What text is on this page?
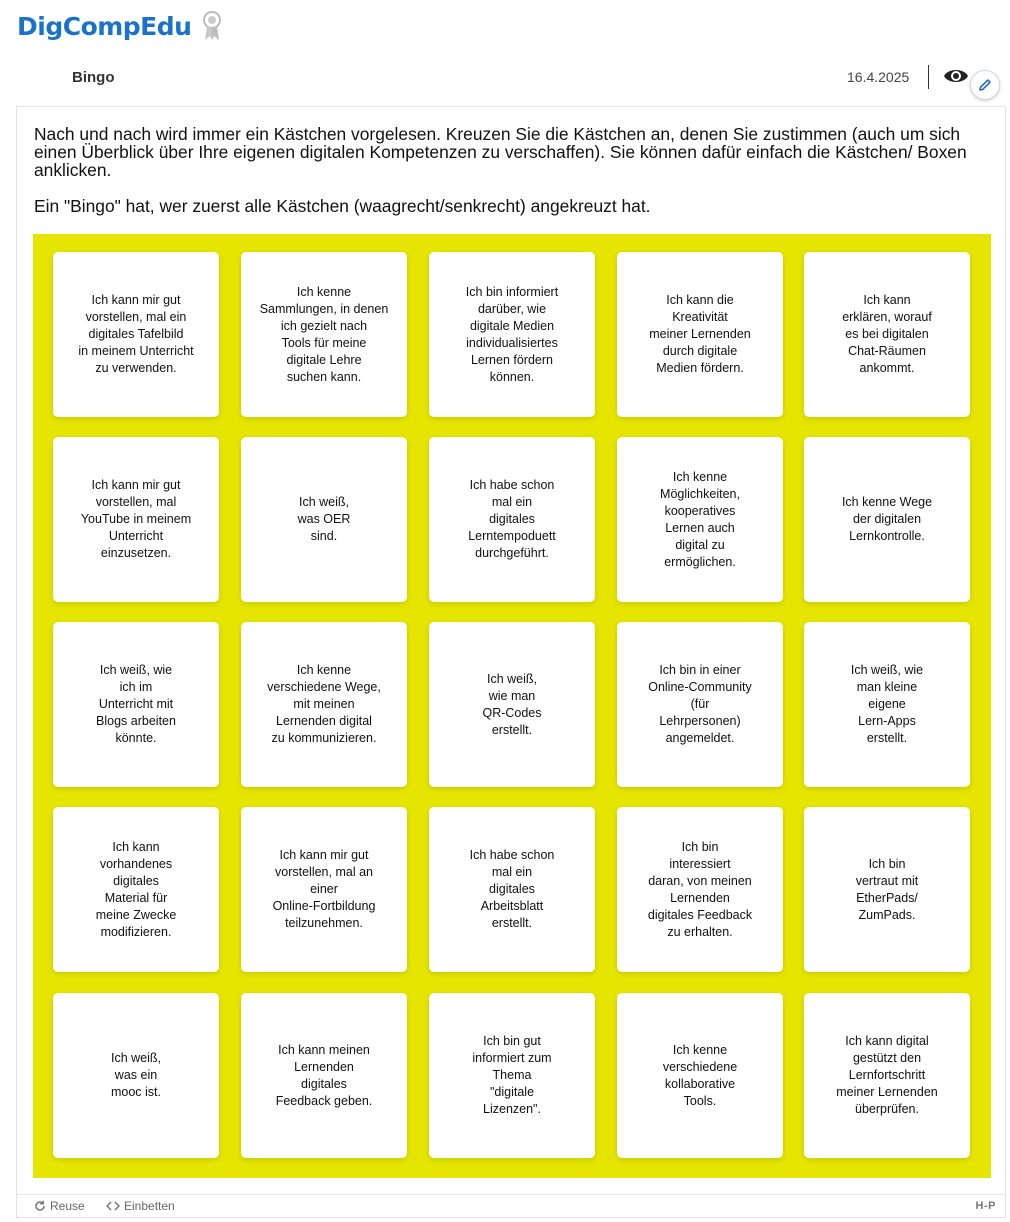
DigCompEdu
Bingo	16.4.2025

Nach und nach wird immer ein Kästchen vorgelesen. Kreuzen Sie die Kästchen an, denen Sie zustimmen (auch um sich einen Überblick über Ihre eigenen digitalen Kompetenzen zu verschaffen). Sie können dafür einfach die Kästchen/ Boxen anklicken.

Ein "Bingo" hat, wer zuerst alle Kästchen (waagrecht/senkrecht) angekreuzt hat.

Ich kann mir gut
vorstellen, mal ein
digitales Tafelbild
in meinem Unterricht
zu verwenden.
Ich kenne
Sammlungen, in denen
ich gezielt nach
Tools für meine
digitale Lehre
suchen kann.
Ich bin informiert
darüber, wie
digitale Medien
individualisiertes
Lernen fördern
können.
Ich kann die
Kreativität
meiner Lernenden
durch digitale
Medien fördern.
Ich kann
erklären, worauf
es bei digitalen
Chat-Räumen
ankommt.
Ich kann mir gut
vorstellen, mal
YouTube in meinem
Unterricht
einzusetzen.
Ich weiß,
was OER
sind.
Ich habe schon
mal ein
digitales
Lerntempoduett
durchgeführt.
Ich kenne
Möglichkeiten,
kooperatives
Lernen auch
digital zu
ermöglichen.
Ich kenne Wege
der digitalen
Lernkontrolle.
Ich weiß, wie
ich im
Unterricht mit
Blogs arbeiten
könnte.
Ich kenne
verschiedene Wege,
mit meinen
Lernenden digital
zu kommunizieren.
Ich weiß,
wie man
QR-Codes
erstellt.
Ich bin in einer
Online-Community
(für
Lehrpersonen)
angemeldet.
Ich weiß, wie
man kleine
eigene
Lern-Apps
erstellt.
Ich kann
vorhandenes
digitales
Material für
meine Zwecke
modifizieren.
Ich kann mir gut
vorstellen, mal an
einer
Online-Fortbildung
teilzunehmen.
Ich habe schon
mal ein
digitales
Arbeitsblatt
erstellt.
Ich bin
interessiert
daran, von meinen
Lernenden
digitales Feedback
zu erhalten.
Ich bin
vertraut mit
EtherPads/
ZumPads.
Ich weiß,
was ein
mooc ist.
Ich kann meinen
Lernenden
digitales
Feedback geben.
Ich bin gut
informiert zum
Thema
"digitale
Lizenzen".
Ich kenne
verschiedene
kollaborative
Tools.
Ich kann digital
gestützt den
Lernfortschritt
meiner Lernenden
überprüfen.
Reuse	Einbetten	H-P
